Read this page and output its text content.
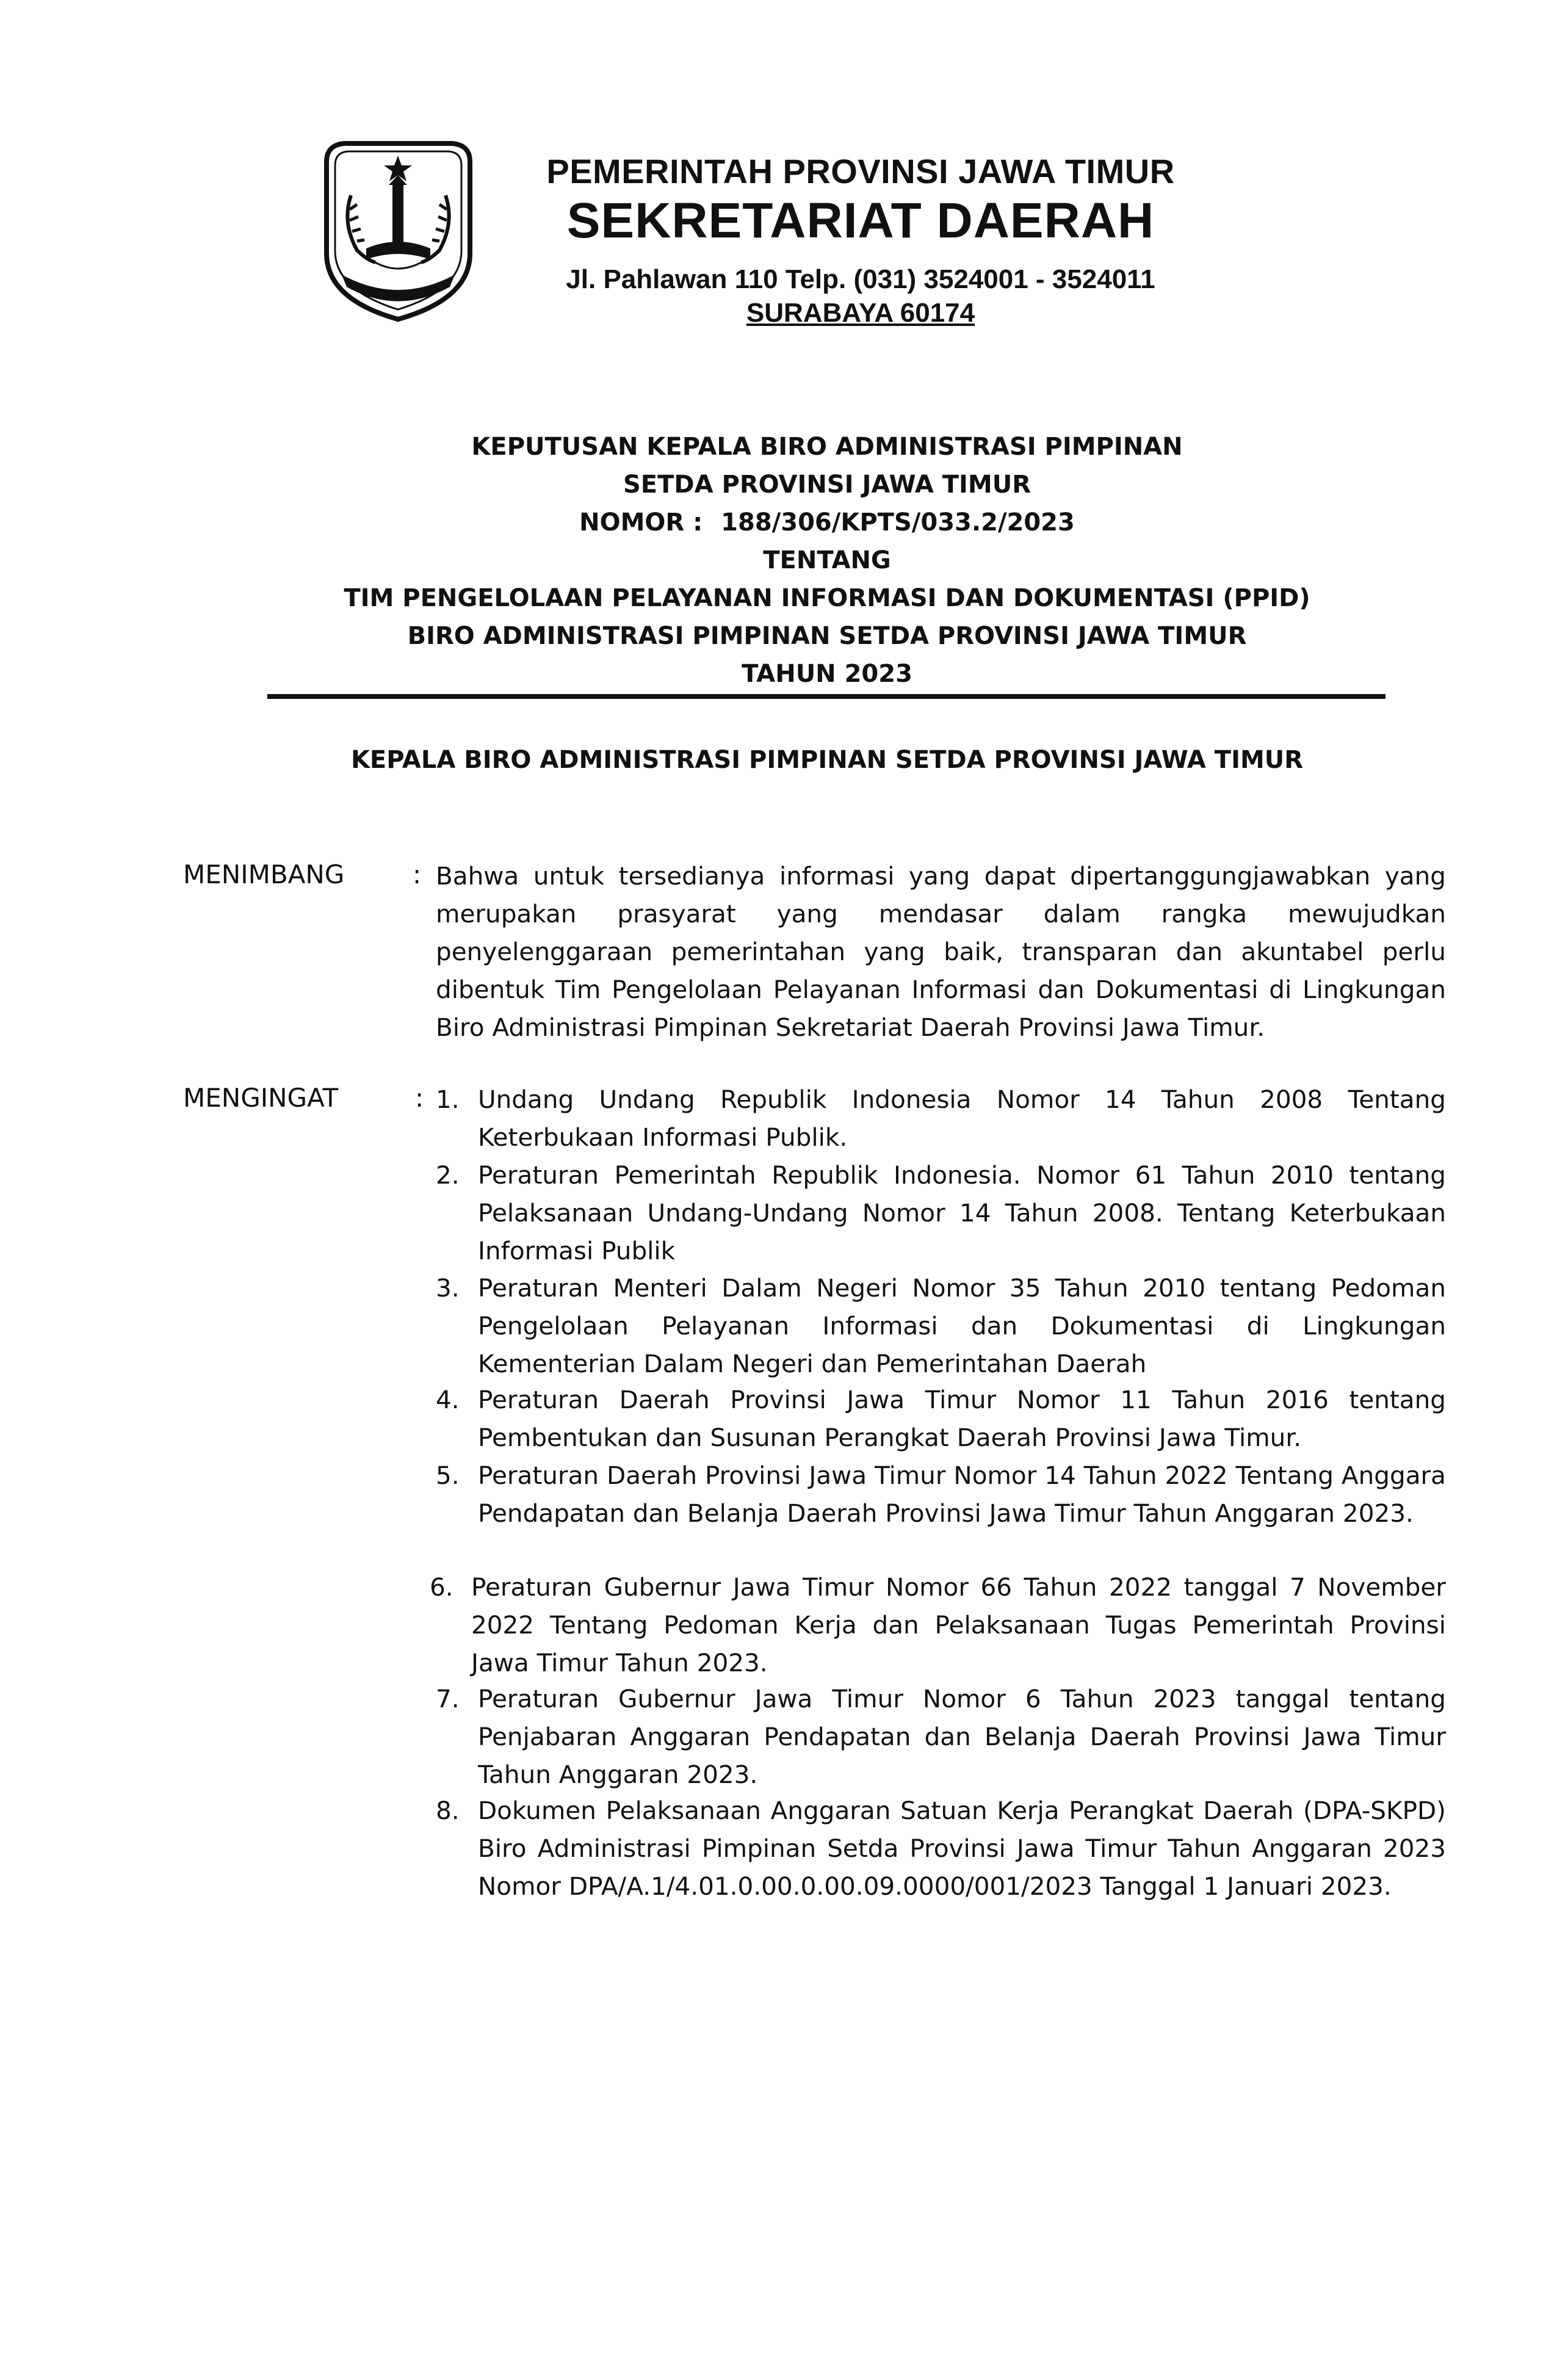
PEMERINTAH PROVINSI JAWA TIMUR
SEKRETARIAT DAERAH
Jl. Pahlawan 110 Telp. (031) 3524001 - 3524011
SURABAYA 60174
KEPUTUSAN KEPALA BIRO ADMINISTRASI PIMPINAN
SETDA PROVINSI JAWA TIMUR
NOMOR : 188/306/KPTS/033.2/2023
TENTANG
TIM PENGELOLAAN PELAYANAN INFORMASI DAN DOKUMENTASI (PPID)
BIRO ADMINISTRASI PIMPINAN SETDA PROVINSI JAWA TIMUR
TAHUN 2023
KEPALA BIRO ADMINISTRASI PIMPINAN SETDA PROVINSI JAWA TIMUR
MENIMBANG	: Bahwa untuk tersedianya informasi yang dapat dipertanggungjawabkan yang merupakan prasyarat yang mendasar dalam rangka mewujudkan penyelenggaraan pemerintahan yang baik, transparan dan akuntabel perlu dibentuk Tim Pengelolaan Pelayanan Informasi dan Dokumentasi di Lingkungan Biro Administrasi Pimpinan Sekretariat Daerah Provinsi Jawa Timur.
MENGINGAT	: 1. Undang Undang Republik Indonesia Nomor 14 Tahun 2008 Tentang Keterbukaan Informasi Publik.
2. Peraturan Pemerintah Republik Indonesia. Nomor 61 Tahun 2010 tentang Pelaksanaan Undang-Undang Nomor 14 Tahun 2008. Tentang Keterbukaan Informasi Publik
3. Peraturan Menteri Dalam Negeri Nomor 35 Tahun 2010 tentang Pedoman Pengelolaan Pelayanan Informasi dan Dokumentasi di Lingkungan Kementerian Dalam Negeri dan Pemerintahan Daerah
4. Peraturan Daerah Provinsi Jawa Timur Nomor 11 Tahun 2016 tentang Pembentukan dan Susunan Perangkat Daerah Provinsi Jawa Timur.
5. Peraturan Daerah Provinsi Jawa Timur Nomor 14 Tahun 2022 Tentang Anggara Pendapatan dan Belanja Daerah Provinsi Jawa Timur Tahun Anggaran 2023.
6. Peraturan Gubernur Jawa Timur Nomor 66 Tahun 2022 tanggal 7 November 2022 Tentang Pedoman Kerja dan Pelaksanaan Tugas Pemerintah Provinsi Jawa Timur Tahun 2023.
7. Peraturan Gubernur Jawa Timur Nomor 6 Tahun 2023 tanggal tentang Penjabaran Anggaran Pendapatan dan Belanja Daerah Provinsi Jawa Timur Tahun Anggaran 2023.
8. Dokumen Pelaksanaan Anggaran Satuan Kerja Perangkat Daerah (DPA-SKPD) Biro Administrasi Pimpinan Setda Provinsi Jawa Timur Tahun Anggaran 2023 Nomor DPA/A.1/4.01.0.00.0.00.09.0000/001/2023 Tanggal 1 Januari 2023.
